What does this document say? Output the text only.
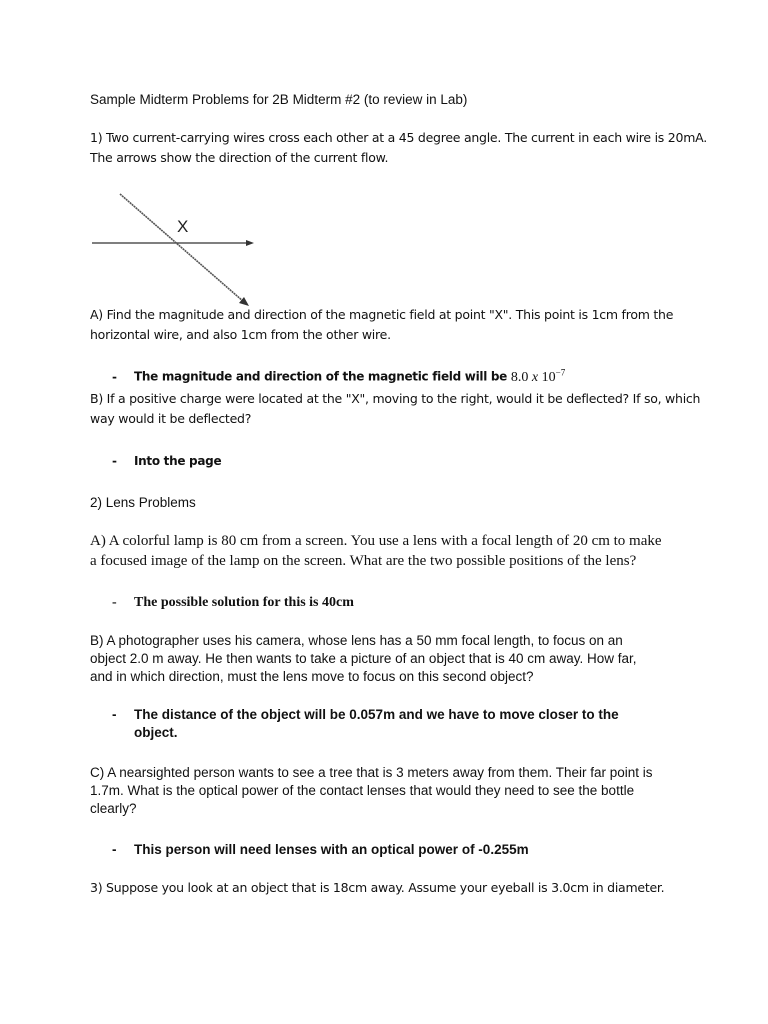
Sample Midterm Problems for 2B Midterm #2 (to review in Lab)
1) Two current-carrying wires cross each other at a 45 degree angle. The current in each wire is 20mA.
The arrows show the direction of the current flow.
X
A) Find the magnitude and direction of the magnetic field at point "X". This point is 1cm from the
horizontal wire, and also 1cm from the other wire.
- The magnitude and direction of the magnetic field will be 8.0 x $10^{-7}$
B) If a positive charge were located at the "X", moving to the right, would it be deflected? If so, which
way would it be deflected?
- Into the page
2) Lens Problems
A) A colorful lamp is 80 cm from a screen. You use a lens with a focal length of 20 cm to make
a focused image of the lamp on the screen. What are the two possible positions of the lens?
- The possible solution for this is 40cm
B) A photographer uses his camera, whose lens has a 50 mm focal length, to focus on an
object 2.0 m away. He then wants to take a picture of an object that is 40 cm away. How far,
and in which direction, must the lens move to focus on this second object?
- The distance of the object will be 0.057m and we have to move closer to the
object.
C) A nearsighted person wants to see a tree that is 3 meters away from them. Their far point is
1.7m. What is the optical power of the contact lenses that would they need to see the bottle
clearly?
- This person will need lenses with an optical power of -0.255m
3) Suppose you look at an object that is 18cm away. Assume your eyeball is 3.0cm in diameter.
